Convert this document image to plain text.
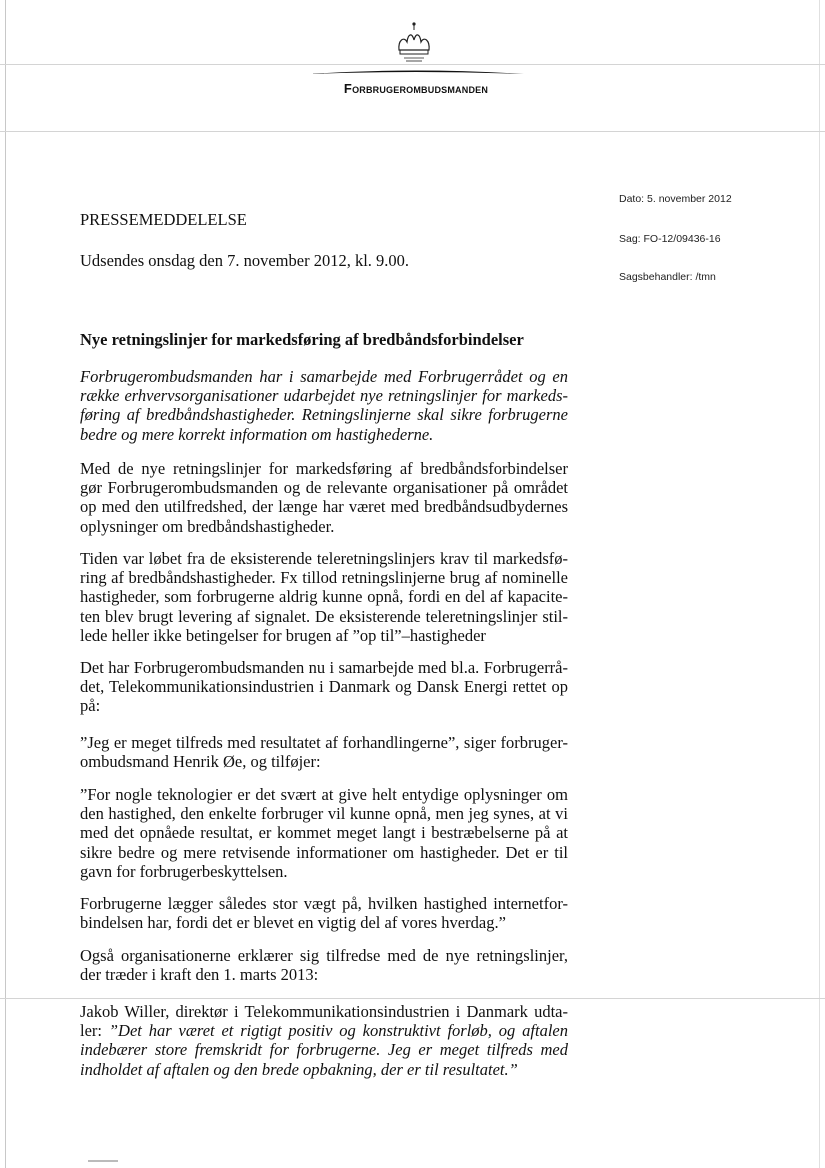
Forbrugerombudsmanden
Dato: 5. november 2012
Sag: FO-12/09436-16
Sagsbehandler: /tmn
PRESSEMEDDELELSE
Udsendes onsdag den 7. november 2012, kl. 9.00.
Nye retningslinjer for markedsføring af bredbåndsforbindelser
Forbrugerombudsmanden har i samarbejde med Forbrugerrådet og en række erhvervsorganisationer udarbejdet nye retningslinjer for markeds-føring af bredbåndshastigheder. Retningslinjerne skal sikre forbrugerne bedre og mere korrekt information om hastighederne.
Med de nye retningslinjer for markedsføring af bredbåndsforbindelser gør Forbrugerombudsmanden og de relevante organisationer på området op med den utilfredshed, der længe har været med bredbåndsudbydernes oplysninger om bredbåndshastigheder.
Tiden var løbet fra de eksisterende teleretningslinjers krav til markedsfø-ring af bredbåndshastigheder. Fx tillod retningslinjerne brug af nominelle hastigheder, som forbrugerne aldrig kunne opnå, fordi en del af kapacite-ten blev brugt levering af signalet. De eksisterende teleretningslinjer stil-lede heller ikke betingelser for brugen af ”op til”–hastigheder
Det har Forbrugerombudsmanden nu i samarbejde med bl.a. Forbrugerrå-det, Telekommunikationsindustrien i Danmark og Dansk Energi rettet op på:
”Jeg er meget tilfreds med resultatet af forhandlingerne”, siger forbruger-ombudsmand Henrik Øe, og tilføjer:
”For nogle teknologier er det svært at give helt entydige oplysninger om den hastighed, den enkelte forbruger vil kunne opnå, men jeg synes, at vi med det opnåede resultat, er kommet meget langt i bestræbelserne på at sikre bedre og mere retvisende informationer om hastigheder. Det er til gavn for forbrugerbeskyttelsen.
Forbrugerne lægger således stor vægt på, hvilken hastighed internetfor-bindelsen har, fordi det er blevet en vigtig del af vores hverdag.”
Også organisationerne erklærer sig tilfredse med de nye retningslinjer, der træder i kraft den 1. marts 2013:
Jakob Willer, direktør i Telekommunikationsindustrien i Danmark udta-ler: ”Det har været et rigtigt positiv og konstruktivt forløb, og aftalen indebærer store fremskridt for forbrugerne. Jeg er meget tilfreds med indholdet af aftalen og den brede opbakning, der er til resultatet.”
